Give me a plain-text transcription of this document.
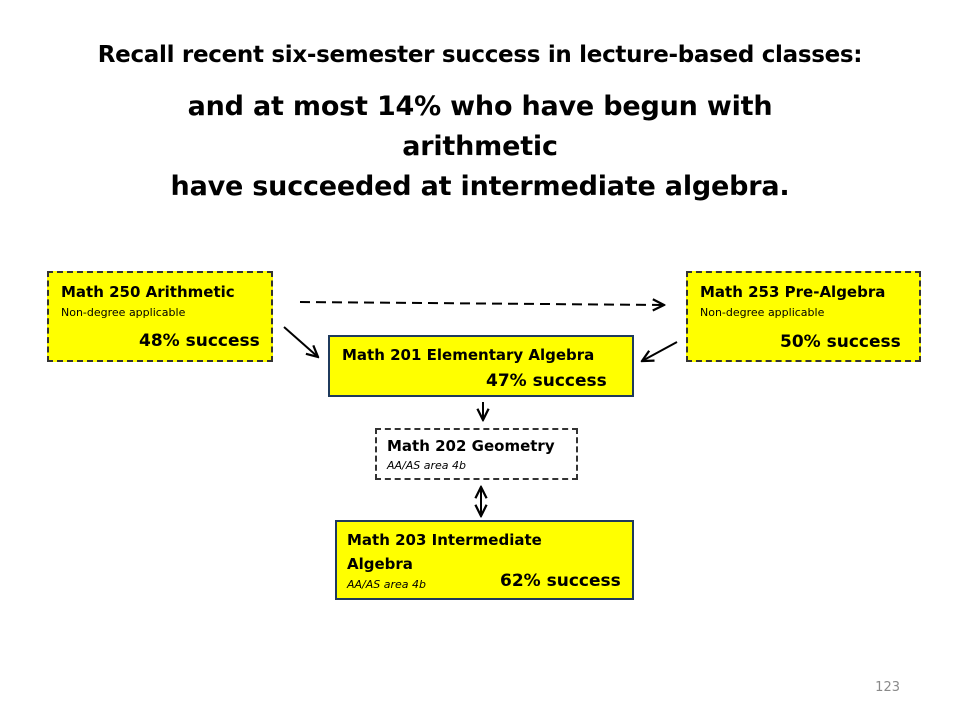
Recall recent six-semester success in lecture-based classes:
and at most 14% who have begun with
arithmetic
have succeeded at intermediate algebra.
Math 250 Arithmetic
Non-degree applicable
48% success
Math 253 Pre-Algebra
Non-degree applicable
50% success
Math 201 Elementary Algebra
47% success
Math 202 Geometry
AA/AS area 4b
Math 203 Intermediate
Algebra
AA/AS area 4b	62% success
123
